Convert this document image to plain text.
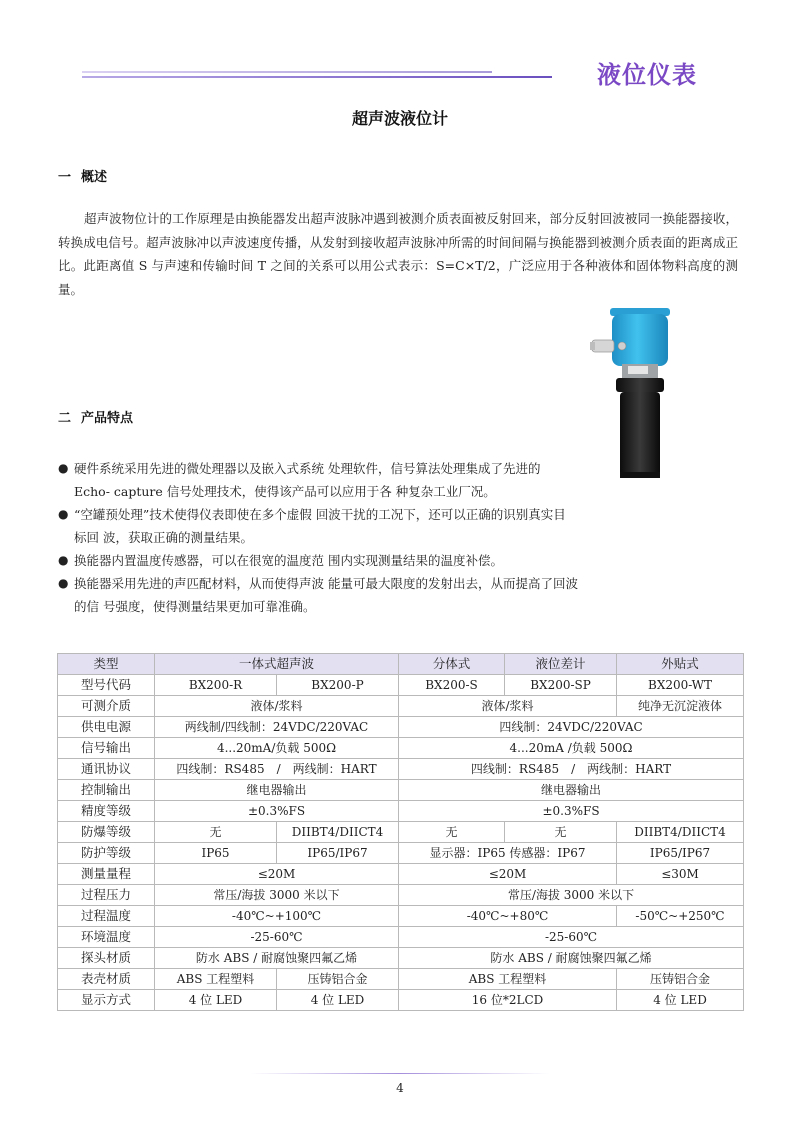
液位仪表
超声波液位计
一 概述
超声波物位计的工作原理是由换能器发出超声波脉冲遇到被测介质表面被反射回来，部分反射回波被同一换能器接收，转换成电信号。超声波脉冲以声波速度传播，从发射到接收超声波脉冲所需的时间间隔与换能器到被测介质表面的距离成正比。此距离值 S 与声速和传输时间 T 之间的关系可以用公式表示：S=C×T/2，广泛应用于各种液体和固体物料高度的测量。
二 产品特点
● 硬件系统采用先进的微处理器以及嵌入式系统 处理软件，信号算法处理集成了先进的 Echo- capture 信号处理技术，使得该产品可以应用于各 种复杂工业厂况。
● “空罐预处理”技术使得仪表即使在多个虚假 回波干扰的工况下，还可以正确的识别真实目标回 波，获取正确的测量结果。
● 换能器内置温度传感器，可以在很宽的温度范 围内实现测量结果的温度补偿。
● 换能器采用先进的声匹配材料，从而使得声波 能量可最大限度的发射出去，从而提高了回波的信 号强度，使得测量结果更加可靠准确。
类型	一体式超声波		分体式	液位差计	外贴式
型号代码	BX200-R	BX200-P	BX200-S	BX200-SP	BX200-WT
可测介质	液体/浆料		液体/浆料		纯净无沉淀液体
供电电源	两线制/四线制：24VDC/220VAC		四线制：24VDC/220VAC		
信号输出	4...20mA/负载 500Ω		4...20mA /负载 500Ω		
通讯协议	四线制：RS485　/　两线制：HART		四线制：RS485　/　两线制：HART		
控制输出	继电器输出		继电器输出		
精度等级	±0.3%FS		±0.3%FS		
防爆等级	无	DIIBT4/DIICT4	无	无	DIIBT4/DIICT4
防护等级	IP65	IP65/IP67	显示器：IP65 传感器：IP67		IP65/IP67
测量量程	≤20M		≤20M		≤30M
过程压力	常压/海拔 3000 米以下		常压/海拔 3000 米以下		
过程温度	-40℃~+100℃		-40℃~+80℃		-50℃~+250℃
环境温度	-25-60℃		-25-60℃		
探头材质	防水 ABS / 耐腐蚀聚四氟乙烯		防水 ABS / 耐腐蚀聚四氟乙烯		
表壳材质	ABS 工程塑料	压铸铝合金	ABS 工程塑料		压铸铝合金
显示方式	4 位 LED	4 位 LED	16 位*2LCD		4 位 LED
4
